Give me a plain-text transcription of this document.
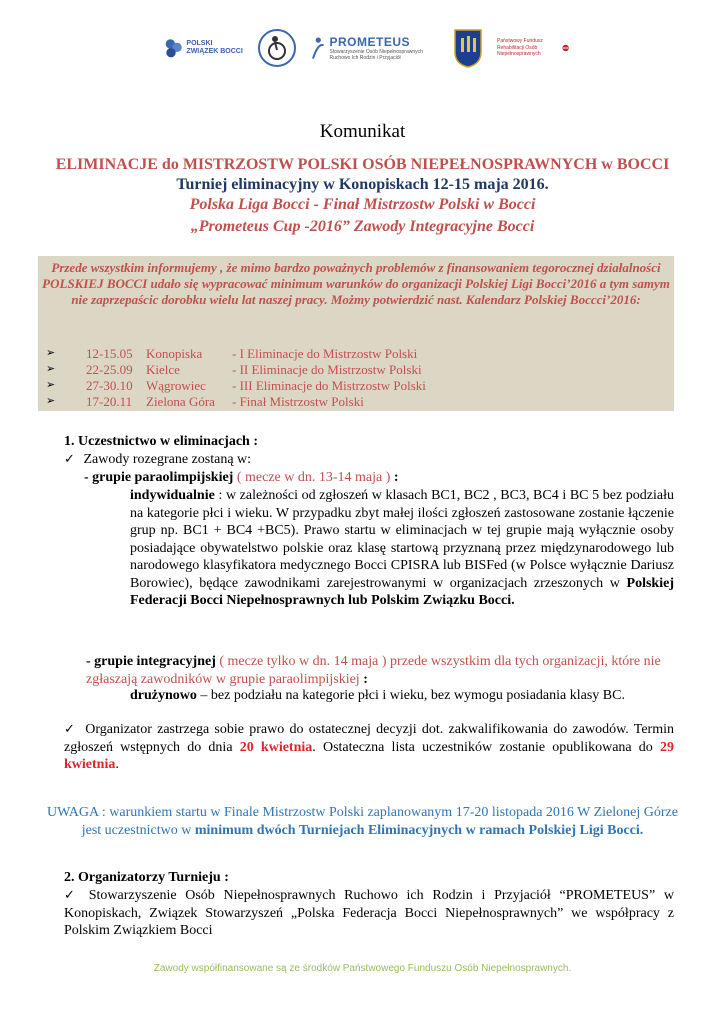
POLSKI ZWIĄZEK BOCCI
PROMETEUS
Stowarzyszenie Osób Niepełnosprawnych Ruchowo Ich Rodzin i Przyjaciół
Państwowy Fundusz Rehabilitacji Osób Niepełnosprawnych
Komunikat
ELIMINACJE do MISTRZOSTW POLSKI OSÓB NIEPEŁNOSPRAWNYCH w BOCCI
Turniej eliminacyjny w Konopiskach 12-15 maja 2016.
Polska Liga Bocci - Finał Mistrzostw Polski w Bocci
„Prometeus Cup -2016” Zawody Integracyjne Bocci
Przede wszystkim informujemy , że mimo bardzo poważnych problemów z finansowaniem tegorocznej działalności POLSKIEJ BOCCI udało się wypracować minimum warunków do organizacji Polskiej Ligi Bocci’2016 a tym samym nie zaprzepaścic dorobku wielu lat naszej pracy. Możmy potwierdzić nast. Kalendarz Polskiej Boccci’2016:
➢ 12-15.05 Konopiska - I Eliminacje do Mistrzostw Polski
➢ 22-25.09 Kielce	- II Eliminacje do Mistrzostw Polski
➢ 27-30.10 Wągrowiec - III Eliminacje do Mistrzostw Polski
➢ 17-20.11 Zielona Góra - Finał Mistrzostw Polski
1. Uczestnictwo w eliminacjach :
✓ Zawody rozegrane zostaną w:
- grupie paraolimpijskiej ( mecze w dn. 13-14 maja ) :
indywidualnie : w zależności od zgłoszeń w klasach BC1, BC2 , BC3, BC4 i BC 5 bez podziału na kategorie płci i wieku. W przypadku zbyt małej ilości zgłoszeń zastosowane zostanie łączenie grup np. BC1 + BC4 +BC5). Prawo startu w eliminacjach w tej grupie mają wyłącznie osoby posiadające obywatelstwo polskie oraz klasę startową przyznaną przez międzynarodowego lub narodowego klasyfikatora medycznego Bocci CPISRA lub BISFed (w Polsce wyłącznie Dariusz Borowiec), będące zawodnikami zarejestrowanymi w organizacjach zrzeszonych w Polskiej Federacji Bocci Niepełnosprawnych lub Polskim Związku Bocci.
- grupie integracyjnej ( mecze tylko w dn. 14 maja ) przede wszystkim dla tych organizacji, które nie zgłaszają zawodników w grupie paraolimpijskiej :
drużynowo – bez podziału na kategorie płci i wieku, bez wymogu posiadania klasy BC.
✓ Organizator zastrzega sobie prawo do ostatecznej decyzji dot. zakwalifikowania do zawodów. Termin zgłoszeń wstępnych do dnia 20 kwietnia. Ostateczna lista uczestników zostanie opublikowana do 29 kwietnia.
UWAGA : warunkiem startu w Finale Mistrzostw Polski zaplanowanym 17-20 listopada 2016 W Zielonej Górze jest uczestnictwo w minimum dwóch Turniejach Eliminacyjnych w ramach Polskiej Ligi Bocci.
2. Organizatorzy Turnieju :
✓ Stowarzyszenie Osób Niepełnosprawnych Ruchowo ich Rodzin i Przyjaciół “PROMETEUS” w Konopiskach, Związek Stowarzyszeń „Polska Federacja Bocci Niepełnosprawnych” we współpracy z Polskim Związkiem Bocci
Zawody współfinansowane są ze środków Państwowego Funduszu Osób Niepełnosprawnych.
